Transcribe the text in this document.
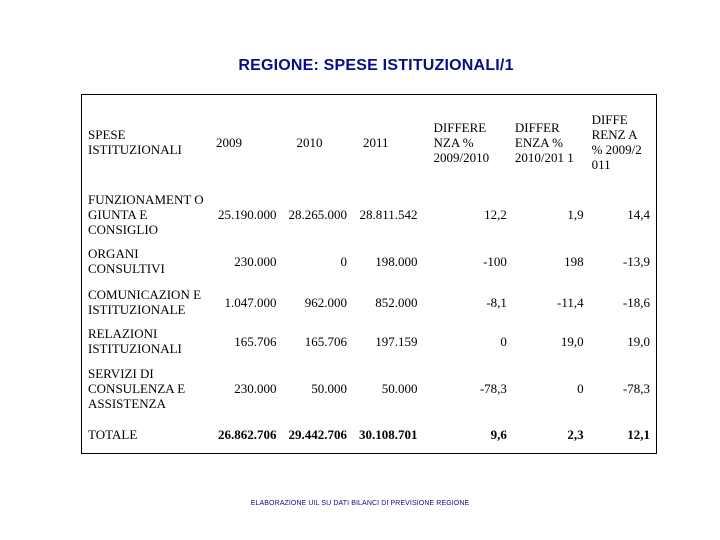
REGIONE: SPESE ISTITUZIONALI/1
SPESE ISTITUZIONALI	2009	2010	2011	DIFFERE NZA % 2009/2010	DIFFER ENZA % 2010/201 1	DIFFE RENZ A % 2009/2 011
FUNZIONAMENT O GIUNTA E CONSIGLIO	25.190.000	28.265.000	28.811.542	12,2	1,9	14,4
ORGANI CONSULTIVI	230.000	0	198.000	-100	198	-13,9
COMUNICAZION E ISTITUZIONALE	1.047.000	962.000	852.000	-8,1	-11,4	-18,6
RELAZIONI ISTITUZIONALI	165.706	165.706	197.159	0	19,0	19,0
SERVIZI DI CONSULENZA E ASSISTENZA	230.000	50.000	50.000	-78,3	0	-78,3
TOTALE	26.862.706	29.442.706	30.108.701	9,6	2,3	12,1
ELABORAZIONE UIL SU DATI BILANCI DI PREVISIONE REGIONE
